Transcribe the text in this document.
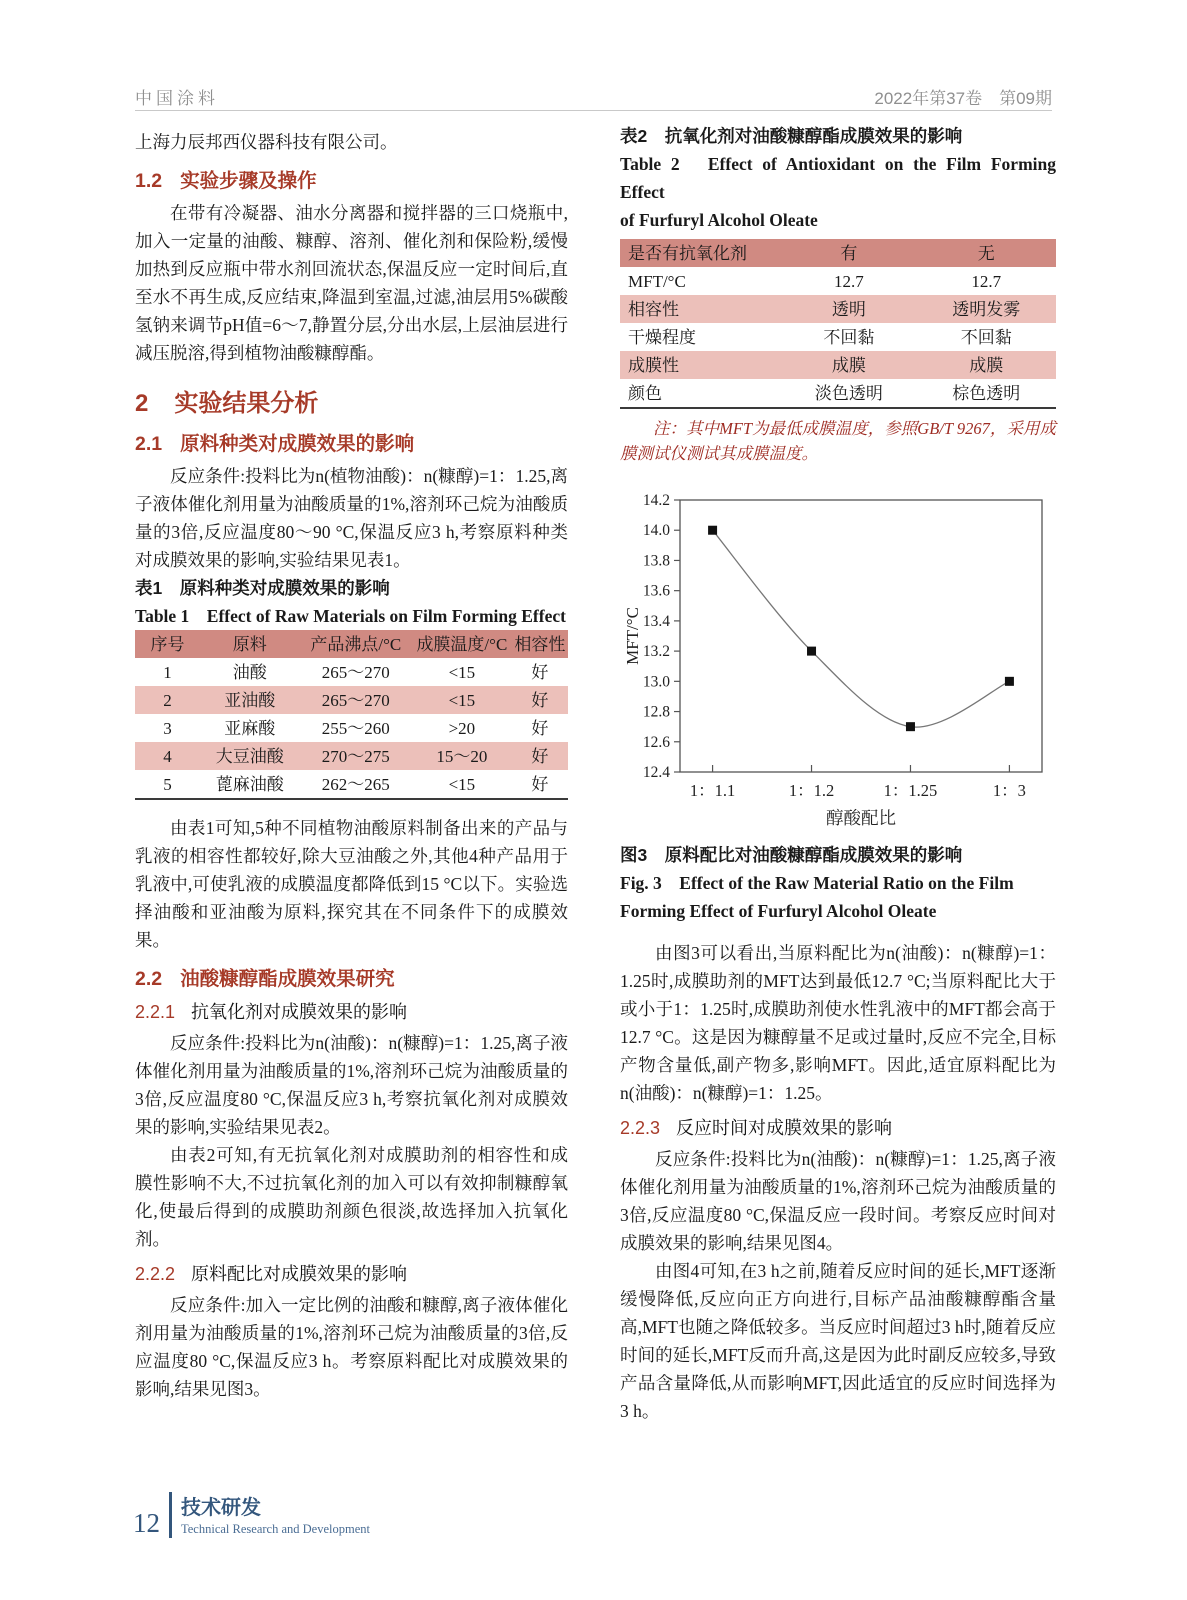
中国涂料	2022年第37卷　第09期

上海力辰邦西仪器科技有限公司。

1.2 实验步骤及操作

在带有冷凝器、油水分离器和搅拌器的三口烧瓶中,加入一定量的油酸、糠醇、溶剂、催化剂和保险粉,缓慢加热到反应瓶中带水剂回流状态,保温反应一定时间后,直至水不再生成,反应结束,降温到室温,过滤,油层用5%碳酸氢钠来调节pH值=6～7,静置分层,分出水层,上层油层进行减压脱溶,得到植物油酸糠醇酯。

2 实验结果分析
2.1 原料种类对成膜效果的影响

反应条件:投料比为n(植物油酸)：n(糠醇)=1：1.25,离子液体催化剂用量为油酸质量的1%,溶剂环己烷为油酸质量的3倍,反应温度80～90 °C,保温反应3 h,考察原料种类对成膜效果的影响,实验结果见表1。

表1　原料种类对成膜效果的影响

Table 1　Effect of Raw Materials on Film Forming Effect

序号	原料	产品沸点/°C	成膜温度/°C	相容性
1	油酸	265～270	<15	好
2	亚油酸	265～270	<15	好
3	亚麻酸	255～260	>20	好
4	大豆油酸	270～275	15～20	好
5	蓖麻油酸	262～265	<15	好

由表1可知,5种不同植物油酸原料制备出来的产品与乳液的相容性都较好,除大豆油酸之外,其他4种产品用于乳液中,可使乳液的成膜温度都降低到15 °C以下。实验选择油酸和亚油酸为原料,探究其在不同条件下的成膜效果。

2.2 油酸糠醇酯成膜效果研究
2.2.1 抗氧化剂对成膜效果的影响

反应条件:投料比为n(油酸)：n(糠醇)=1：1.25,离子液体催化剂用量为油酸质量的1%,溶剂环己烷为油酸质量的3倍,反应温度80 °C,保温反应3 h,考察抗氧化剂对成膜效果的影响,实验结果见表2。

由表2可知,有无抗氧化剂对成膜助剂的相容性和成膜性影响不大,不过抗氧化剂的加入可以有效抑制糠醇氧化,使最后得到的成膜助剂颜色很淡,故选择加入抗氧化剂。

2.2.2 原料配比对成膜效果的影响

反应条件:加入一定比例的油酸和糠醇,离子液体催化剂用量为油酸质量的1%,溶剂环己烷为油酸质量的3倍,反应温度80 °C,保温反应3 h。考察原料配比对成膜效果的影响,结果见图3。

表2　抗氧化剂对油酸糠醇酯成膜效果的影响

Table 2　Effect of Antioxidant on the Film Forming Effect

of Furfuryl Alcohol Oleate

是否有抗氧化剂	有	无
MFT/°C	12.7	12.7
相容性	透明	透明发雾
干燥程度	不回黏	不回黏
成膜性	成膜	成膜
颜色	淡色透明	棕色透明

注：其中MFT为最低成膜温度，参照GB/T 9267，采用成膜测试仪测试其成膜温度。

12.4
12.6
12.8
13.0
13.2
13.4
13.6
13.8
14.0
14.2
1：1.1	1：1.2	1：1.25	1：3
MFT/°C
醇酸配比

图3　原料配比对油酸糠醇酯成膜效果的影响

Fig. 3　Effect of the Raw Material Ratio on the Film

Forming Effect of Furfuryl Alcohol Oleate

由图3可以看出,当原料配比为n(油酸)：n(糠醇)=1：1.25时,成膜助剂的MFT达到最低12.7 °C;当原料配比大于或小于1：1.25时,成膜助剂使水性乳液中的MFT都会高于12.7 °C。这是因为糠醇量不足或过量时,反应不完全,目标产物含量低,副产物多,影响MFT。因此,适宜原料配比为n(油酸)：n(糠醇)=1：1.25。

2.2.3 反应时间对成膜效果的影响

反应条件:投料比为n(油酸)：n(糠醇)=1：1.25,离子液体催化剂用量为油酸质量的1%,溶剂环己烷为油酸质量的3倍,反应温度80 °C,保温反应一段时间。考察反应时间对成膜效果的影响,结果见图4。

由图4可知,在3 h之前,随着反应时间的延长,MFT逐渐缓慢降低,反应向正方向进行,目标产品油酸糠醇酯含量高,MFT也随之降低较多。当反应时间超过3 h时,随着反应时间的延长,MFT反而升高,这是因为此时副反应较多,导致产品含量降低,从而影响MFT,因此适宜的反应时间选择为3 h。

12 技术研发
Technical Research and Development
